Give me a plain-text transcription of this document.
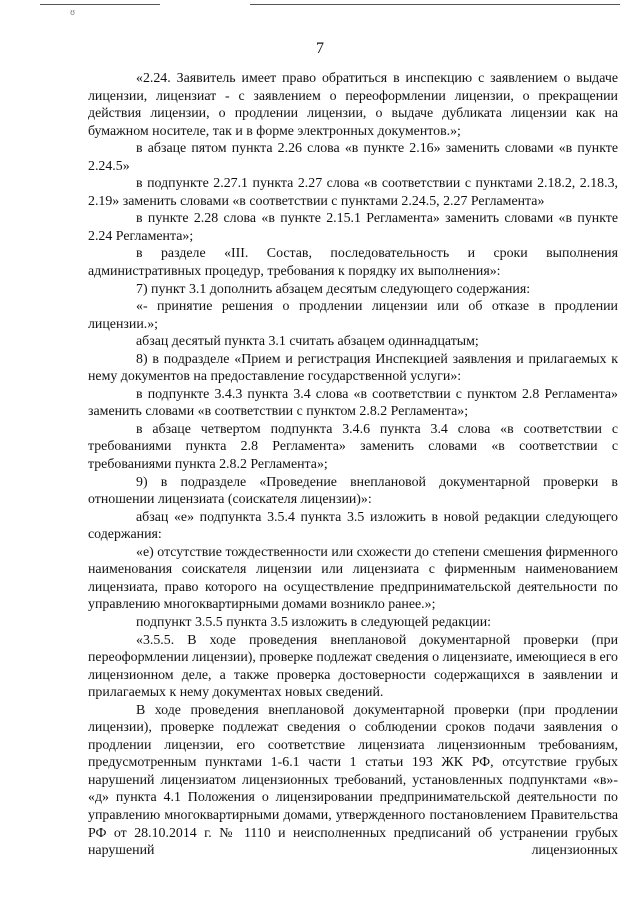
ʊ
7

«2.24. Заявитель имеет право обратиться в инспекцию с заявлением о выдаче лицензии, лицензиат - с заявлением о переоформлении лицензии, о прекращении действия лицензии, о продлении лицензии, о выдаче дубликата лицензии как на бумажном носителе, так и в форме электронных документов.»;

в абзаце пятом пункта 2.26 слова «в пункте 2.16» заменить словами «в пункте 2.24.5»

в подпункте 2.27.1 пункта 2.27 слова «в соответствии с пунктами 2.18.2, 2.18.3, 2.19» заменить словами «в соответствии с пунктами 2.24.5, 2.27 Регламента»

в пункте 2.28 слова «в пункте 2.15.1 Регламента» заменить словами «в пункте 2.24 Регламента»;

в разделе «III. Состав, последовательность и сроки выполнения административных процедур, требования к порядку их выполнения»:

7) пункт 3.1 дополнить абзацем десятым следующего содержания:

«- принятие решения о продлении лицензии или об отказе в продлении лицензии.»;

абзац десятый пункта 3.1 считать абзацем одиннадцатым;

8) в подразделе «Прием и регистрация Инспекцией заявления и прилагаемых к нему документов на предоставление государственной услуги»:

в подпункте 3.4.3 пункта 3.4 слова «в соответствии с пунктом 2.8 Регламента» заменить словами «в соответствии с пунктом 2.8.2 Регламента»;

в абзаце четвертом подпункта 3.4.6 пункта 3.4 слова «в соответствии с требованиями пункта 2.8 Регламента» заменить словами «в соответствии с требованиями пункта 2.8.2 Регламента»;

9) в подразделе «Проведение внеплановой документарной проверки в отношении лицензиата (соискателя лицензии)»:

абзац «е» подпункта 3.5.4 пункта 3.5 изложить в новой редакции следующего содержания:

«е) отсутствие тождественности или схожести до степени смешения фирменного наименования соискателя лицензии или лицензиата с фирменным наименованием лицензиата, право которого на осуществление предпринимательской деятельности по управлению многоквартирными домами возникло ранее.»;

подпункт 3.5.5 пункта 3.5 изложить в следующей редакции:

«3.5.5. В ходе проведения внеплановой документарной проверки (при переоформлении лицензии), проверке подлежат сведения о лицензиате, имеющиеся в его лицензионном деле, а также проверка достоверности содержащихся в заявлении и прилагаемых к нему документах новых сведений.

В ходе проведения внеплановой документарной проверки (при продлении лицензии), проверке подлежат сведения о соблюдении сроков подачи заявления о продлении лицензии, его соответствие лицензиата лицензионным требованиям, предусмотренным пунктами 1-6.1 части 1 статьи 193 ЖК РФ, отсутствие грубых нарушений лицензиатом лицензионных требований, установленных подпунктами «в»- «д» пункта 4.1 Положения о лицензировании предпринимательской деятельности по управлению многоквартирными домами, утвержденного постановлением Правительства РФ от 28.10.2014 г. № 1110 и неисполненных предписаний об устранении грубых нарушений лицензионных
